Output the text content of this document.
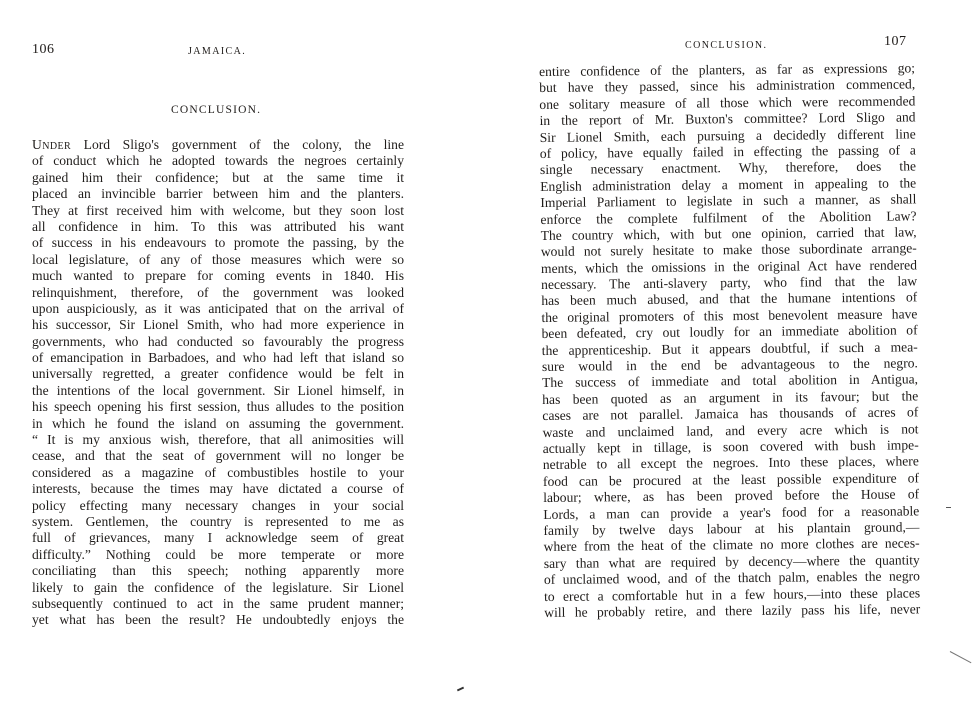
106	JAMAICA.
CONCLUSION.
Under Lord Sligo's government of the colony, the line
of conduct which he adopted towards the negroes certainly
gained him their confidence; but at the same time it
placed an invincible barrier between him and the planters.
They at first received him with welcome, but they soon lost
all confidence in him. To this was attributed his want
of success in his endeavours to promote the passing, by the
local legislature, of any of those measures which were so
much wanted to prepare for coming events in 1840. His
relinquishment, therefore, of the government was looked
upon auspiciously, as it was anticipated that on the arrival of
his successor, Sir Lionel Smith, who had more experience in
governments, who had conducted so favourably the progress
of emancipation in Barbadoes, and who had left that island so
universally regretted, a greater confidence would be felt in
the intentions of the local government. Sir Lionel himself, in
his speech opening his first session, thus alludes to the position
in which he found the island on assuming the government.
“ It is my anxious wish, therefore, that all animosities will
cease, and that the seat of government will no longer be
considered as a magazine of combustibles hostile to your
interests, because the times may have dictated a course of
policy effecting many necessary changes in your social
system. Gentlemen, the country is represented to me as
full of grievances, many I acknowledge seem of great
difficulty.” Nothing could be more temperate or more
conciliating than this speech; nothing apparently more
likely to gain the confidence of the legislature. Sir Lionel
subsequently continued to act in the same prudent manner;
yet what has been the result? He undoubtedly enjoys the
CONCLUSION.	107
entire confidence of the planters, as far as expressions go;
but have they passed, since his administration commenced,
one solitary measure of all those which were recommended
in the report of Mr. Buxton's committee? Lord Sligo and
Sir Lionel Smith, each pursuing a decidedly different line
of policy, have equally failed in effecting the passing of a
single necessary enactment. Why, therefore, does the
English administration delay a moment in appealing to the
Imperial Parliament to legislate in such a manner, as shall
enforce the complete fulfilment of the Abolition Law?
The country which, with but one opinion, carried that law,
would not surely hesitate to make those subordinate arrange-
ments, which the omissions in the original Act have rendered
necessary. The anti-slavery party, who find that the law
has been much abused, and that the humane intentions of
the original promoters of this most benevolent measure have
been defeated, cry out loudly for an immediate abolition of
the apprenticeship. But it appears doubtful, if such a mea-
sure would in the end be advantageous to the negro.
The success of immediate and total abolition in Antigua,
has been quoted as an argument in its favour; but the
cases are not parallel. Jamaica has thousands of acres of
waste and unclaimed land, and every acre which is not
actually kept in tillage, is soon covered with bush impe-
netrable to all except the negroes. Into these places, where
food can be procured at the least possible expenditure of
labour; where, as has been proved before the House of
Lords, a man can provide a year's food for a reasonable
family by twelve days labour at his plantain ground,—
where from the heat of the climate no more clothes are neces-
sary than what are required by decency—where the quantity
of unclaimed wood, and of the thatch palm, enables the negro
to erect a comfortable hut in a few hours,—into these places
will he probably retire, and there lazily pass his life, never
